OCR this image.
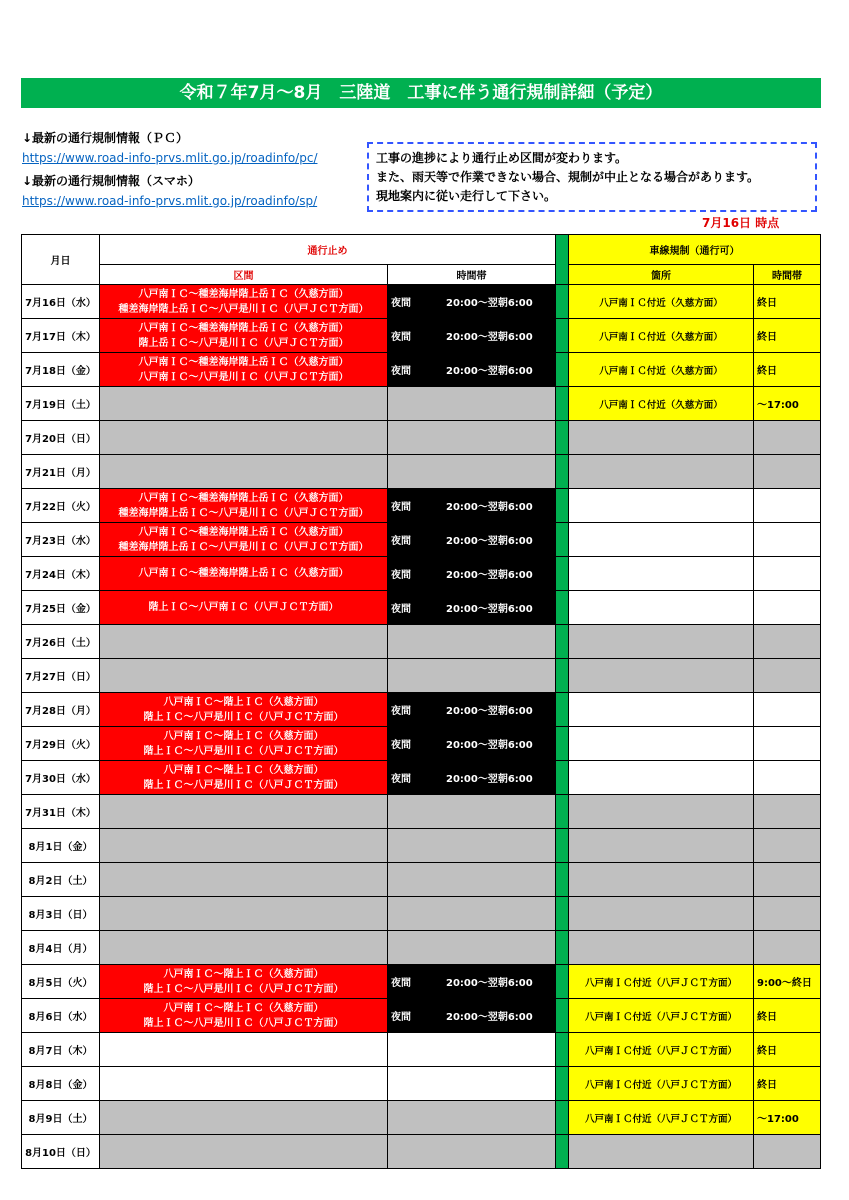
令和７年7月～8月　三陸道　工事に伴う通行規制詳細（予定）
↓最新の通行規制情報（ＰＣ）
https://www.road-info-prvs.mlit.go.jp/roadinfo/pc/
↓最新の通行規制情報（スマホ）
https://www.road-info-prvs.mlit.go.jp/roadinfo/sp/
工事の進捗により通行止め区間が変わります。
また、雨天等で作業できない場合、規制が中止となる場合があります。
現地案内に従い走行して下さい。
7月16日 時点
月日	通行止め			車線規制（通行可）	
	区間	時間帯		箇所	時間帯
7月16日（水）	八戸南ＩＣ～種差海岸階上岳ＩＣ（久慈方面）
種差海岸階上岳ＩＣ～八戸是川ＩＣ（八戸ＪＣＴ方面）	夜間 20:00～翌朝6:00		八戸南ＩＣ付近（久慈方面）	終日
7月17日（木）	八戸南ＩＣ～種差海岸階上岳ＩＣ（久慈方面）
階上岳ＩＣ～八戸是川ＩＣ（八戸ＪＣＴ方面）	夜間 20:00～翌朝6:00		八戸南ＩＣ付近（久慈方面）	終日
7月18日（金）	八戸南ＩＣ～種差海岸階上岳ＩＣ（久慈方面）
八戸南ＩＣ～八戸是川ＩＣ（八戸ＪＣＴ方面）	夜間 20:00～翌朝6:00		八戸南ＩＣ付近（久慈方面）	終日
7月19日（土）				八戸南ＩＣ付近（久慈方面）	～17:00
7月20日（日）					
7月21日（月）					
7月22日（火）	八戸南ＩＣ～種差海岸階上岳ＩＣ（久慈方面）
種差海岸階上岳ＩＣ～八戸是川ＩＣ（八戸ＪＣＴ方面）	夜間 20:00～翌朝6:00			
7月23日（水）	八戸南ＩＣ～種差海岸階上岳ＩＣ（久慈方面）
種差海岸階上岳ＩＣ～八戸是川ＩＣ（八戸ＪＣＴ方面）	夜間 20:00～翌朝6:00			
7月24日（木）	八戸南ＩＣ～種差海岸階上岳ＩＣ（久慈方面）	夜間 20:00～翌朝6:00			
7月25日（金）	階上ＩＣ～八戸南ＩＣ（八戸ＪＣＴ方面）	夜間 20:00～翌朝6:00			
7月26日（土）					
7月27日（日）					
7月28日（月）	八戸南ＩＣ～階上ＩＣ（久慈方面）
階上ＩＣ～八戸是川ＩＣ（八戸ＪＣＴ方面）	夜間 20:00～翌朝6:00			
7月29日（火）	八戸南ＩＣ～階上ＩＣ（久慈方面）
階上ＩＣ～八戸是川ＩＣ（八戸ＪＣＴ方面）	夜間 20:00～翌朝6:00			
7月30日（水）	八戸南ＩＣ～階上ＩＣ（久慈方面）
階上ＩＣ～八戸是川ＩＣ（八戸ＪＣＴ方面）	夜間 20:00～翌朝6:00			
7月31日（木）					
8月1日（金）					
8月2日（土）					
8月3日（日）					
8月4日（月）					
8月5日（火）	八戸南ＩＣ～階上ＩＣ（久慈方面）
階上ＩＣ～八戸是川ＩＣ（八戸ＪＣＴ方面）	夜間 20:00～翌朝6:00		八戸南ＩＣ付近（八戸ＪＣＴ方面）	9:00～終日
8月6日（水）	八戸南ＩＣ～階上ＩＣ（久慈方面）
階上ＩＣ～八戸是川ＩＣ（八戸ＪＣＴ方面）	夜間 20:00～翌朝6:00		八戸南ＩＣ付近（八戸ＪＣＴ方面）	終日
8月7日（木）				八戸南ＩＣ付近（八戸ＪＣＴ方面）	終日
8月8日（金）				八戸南ＩＣ付近（八戸ＪＣＴ方面）	終日
8月9日（土）				八戸南ＩＣ付近（八戸ＪＣＴ方面）	～17:00
8月10日（日）					
